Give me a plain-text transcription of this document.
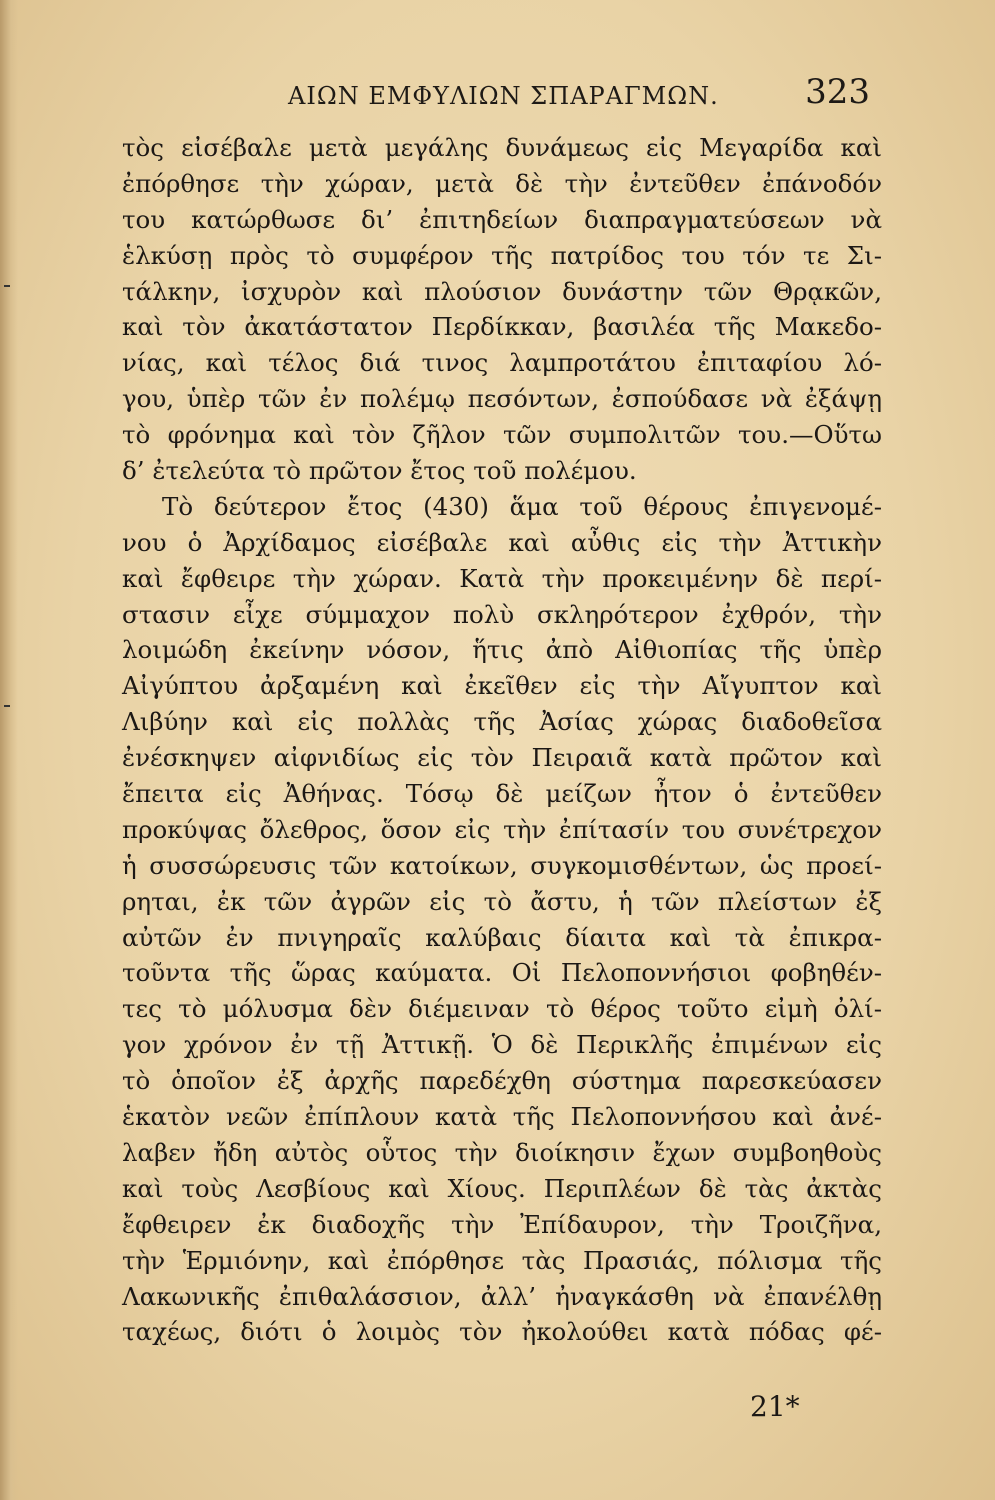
ΑΙΩΝ ΕΜΦΥΛΙΩΝ ΣΠΑΡΑΓΜΩΝ.	323
τὸς εἰσέβαλε μετὰ μεγάλης δυνάμεως εἰς Μεγαρίδα καὶ
ἐπόρθησε τὴν χώραν, μετὰ δὲ τὴν ἐντεῦθεν ἐπάνοδόν
του κατώρθωσε δι’ ἐπιτηδείων διαπραγματεύσεων νὰ
ἑλκύσῃ πρὸς τὸ συμφέρον τῆς πατρίδος του τόν τε Σι-
τάλκην, ἰσχυρὸν καὶ πλούσιον δυνάστην τῶν Θρᾳκῶν,
καὶ τὸν ἀκατάστατον Περδίκκαν, βασιλέα τῆς Μακεδο-
νίας, καὶ τέλος διά τινος λαμπροτάτου ἐπιταφίου λό-
γου, ὑπὲρ τῶν ἐν πολέμῳ πεσόντων, ἐσπούδασε νὰ ἐξάψῃ
τὸ φρόνημα καὶ τὸν ζῆλον τῶν συμπολιτῶν του.—Οὕτω
δ’ ἐτελεύτα τὸ πρῶτον ἔτος τοῦ πολέμου.
Τὸ δεύτερον ἔτος (430) ἅμα τοῦ θέρους ἐπιγενομέ-
νου ὁ Ἀρχίδαμος εἰσέβαλε καὶ αὖθις εἰς τὴν Ἀττικὴν
καὶ ἔφθειρε τὴν χώραν. Κατὰ τὴν προκειμένην δὲ περί-
στασιν εἶχε σύμμαχον πολὺ σκληρότερον ἐχθρόν, τὴν
λοιμώδη ἐκείνην νόσον, ἥτις ἀπὸ Αἰθιοπίας τῆς ὑπὲρ
Αἰγύπτου ἀρξαμένη καὶ ἐκεῖθεν εἰς τὴν Αἴγυπτον καὶ
Λιβύην καὶ εἰς πολλὰς τῆς Ἀσίας χώρας διαδοθεῖσα
ἐνέσκηψεν αἰφνιδίως εἰς τὸν Πειραιᾶ κατὰ πρῶτον καὶ
ἔπειτα εἰς Ἀθήνας. Τόσῳ δὲ μείζων ἦτον ὁ ἐντεῦθεν
προκύψας ὄλεθρος, ὅσον εἰς τὴν ἐπίτασίν του συνέτρεχον
ἡ συσσώρευσις τῶν κατοίκων, συγκομισθέντων, ὡς προεί-
ρηται, ἐκ τῶν ἀγρῶν εἰς τὸ ἄστυ, ἡ τῶν πλείστων ἐξ
αὐτῶν ἐν πνιγηραῖς καλύβαις δίαιτα καὶ τὰ ἐπικρα-
τοῦντα τῆς ὥρας καύματα. Οἱ Πελοποννήσιοι φοβηθέν-
τες τὸ μόλυσμα δὲν διέμειναν τὸ θέρος τοῦτο εἰμὴ ὀλί-
γον χρόνον ἐν τῇ Ἀττικῇ. Ὁ δὲ Περικλῆς ἐπιμένων εἰς
τὸ ὁποῖον ἐξ ἀρχῆς παρεδέχθη σύστημα παρεσκεύασεν
ἑκατὸν νεῶν ἐπίπλουν κατὰ τῆς Πελοποννήσου καὶ ἀνέ-
λαβεν ἤδη αὐτὸς οὗτος τὴν διοίκησιν ἔχων συμβοηθοὺς
καὶ τοὺς Λεσβίους καὶ Χίους. Περιπλέων δὲ τὰς ἀκτὰς
ἔφθειρεν ἐκ διαδοχῆς τὴν Ἐπίδαυρον, τὴν Τροιζῆνα,
τὴν Ἑρμιόνην, καὶ ἐπόρθησε τὰς Πρασιάς, πόλισμα τῆς
Λακωνικῆς ἐπιθαλάσσιον, ἀλλ’ ἠναγκάσθη νὰ ἐπανέλθῃ
ταχέως, διότι ὁ λοιμὸς τὸν ἠκολούθει κατὰ πόδας φέ-
21*
